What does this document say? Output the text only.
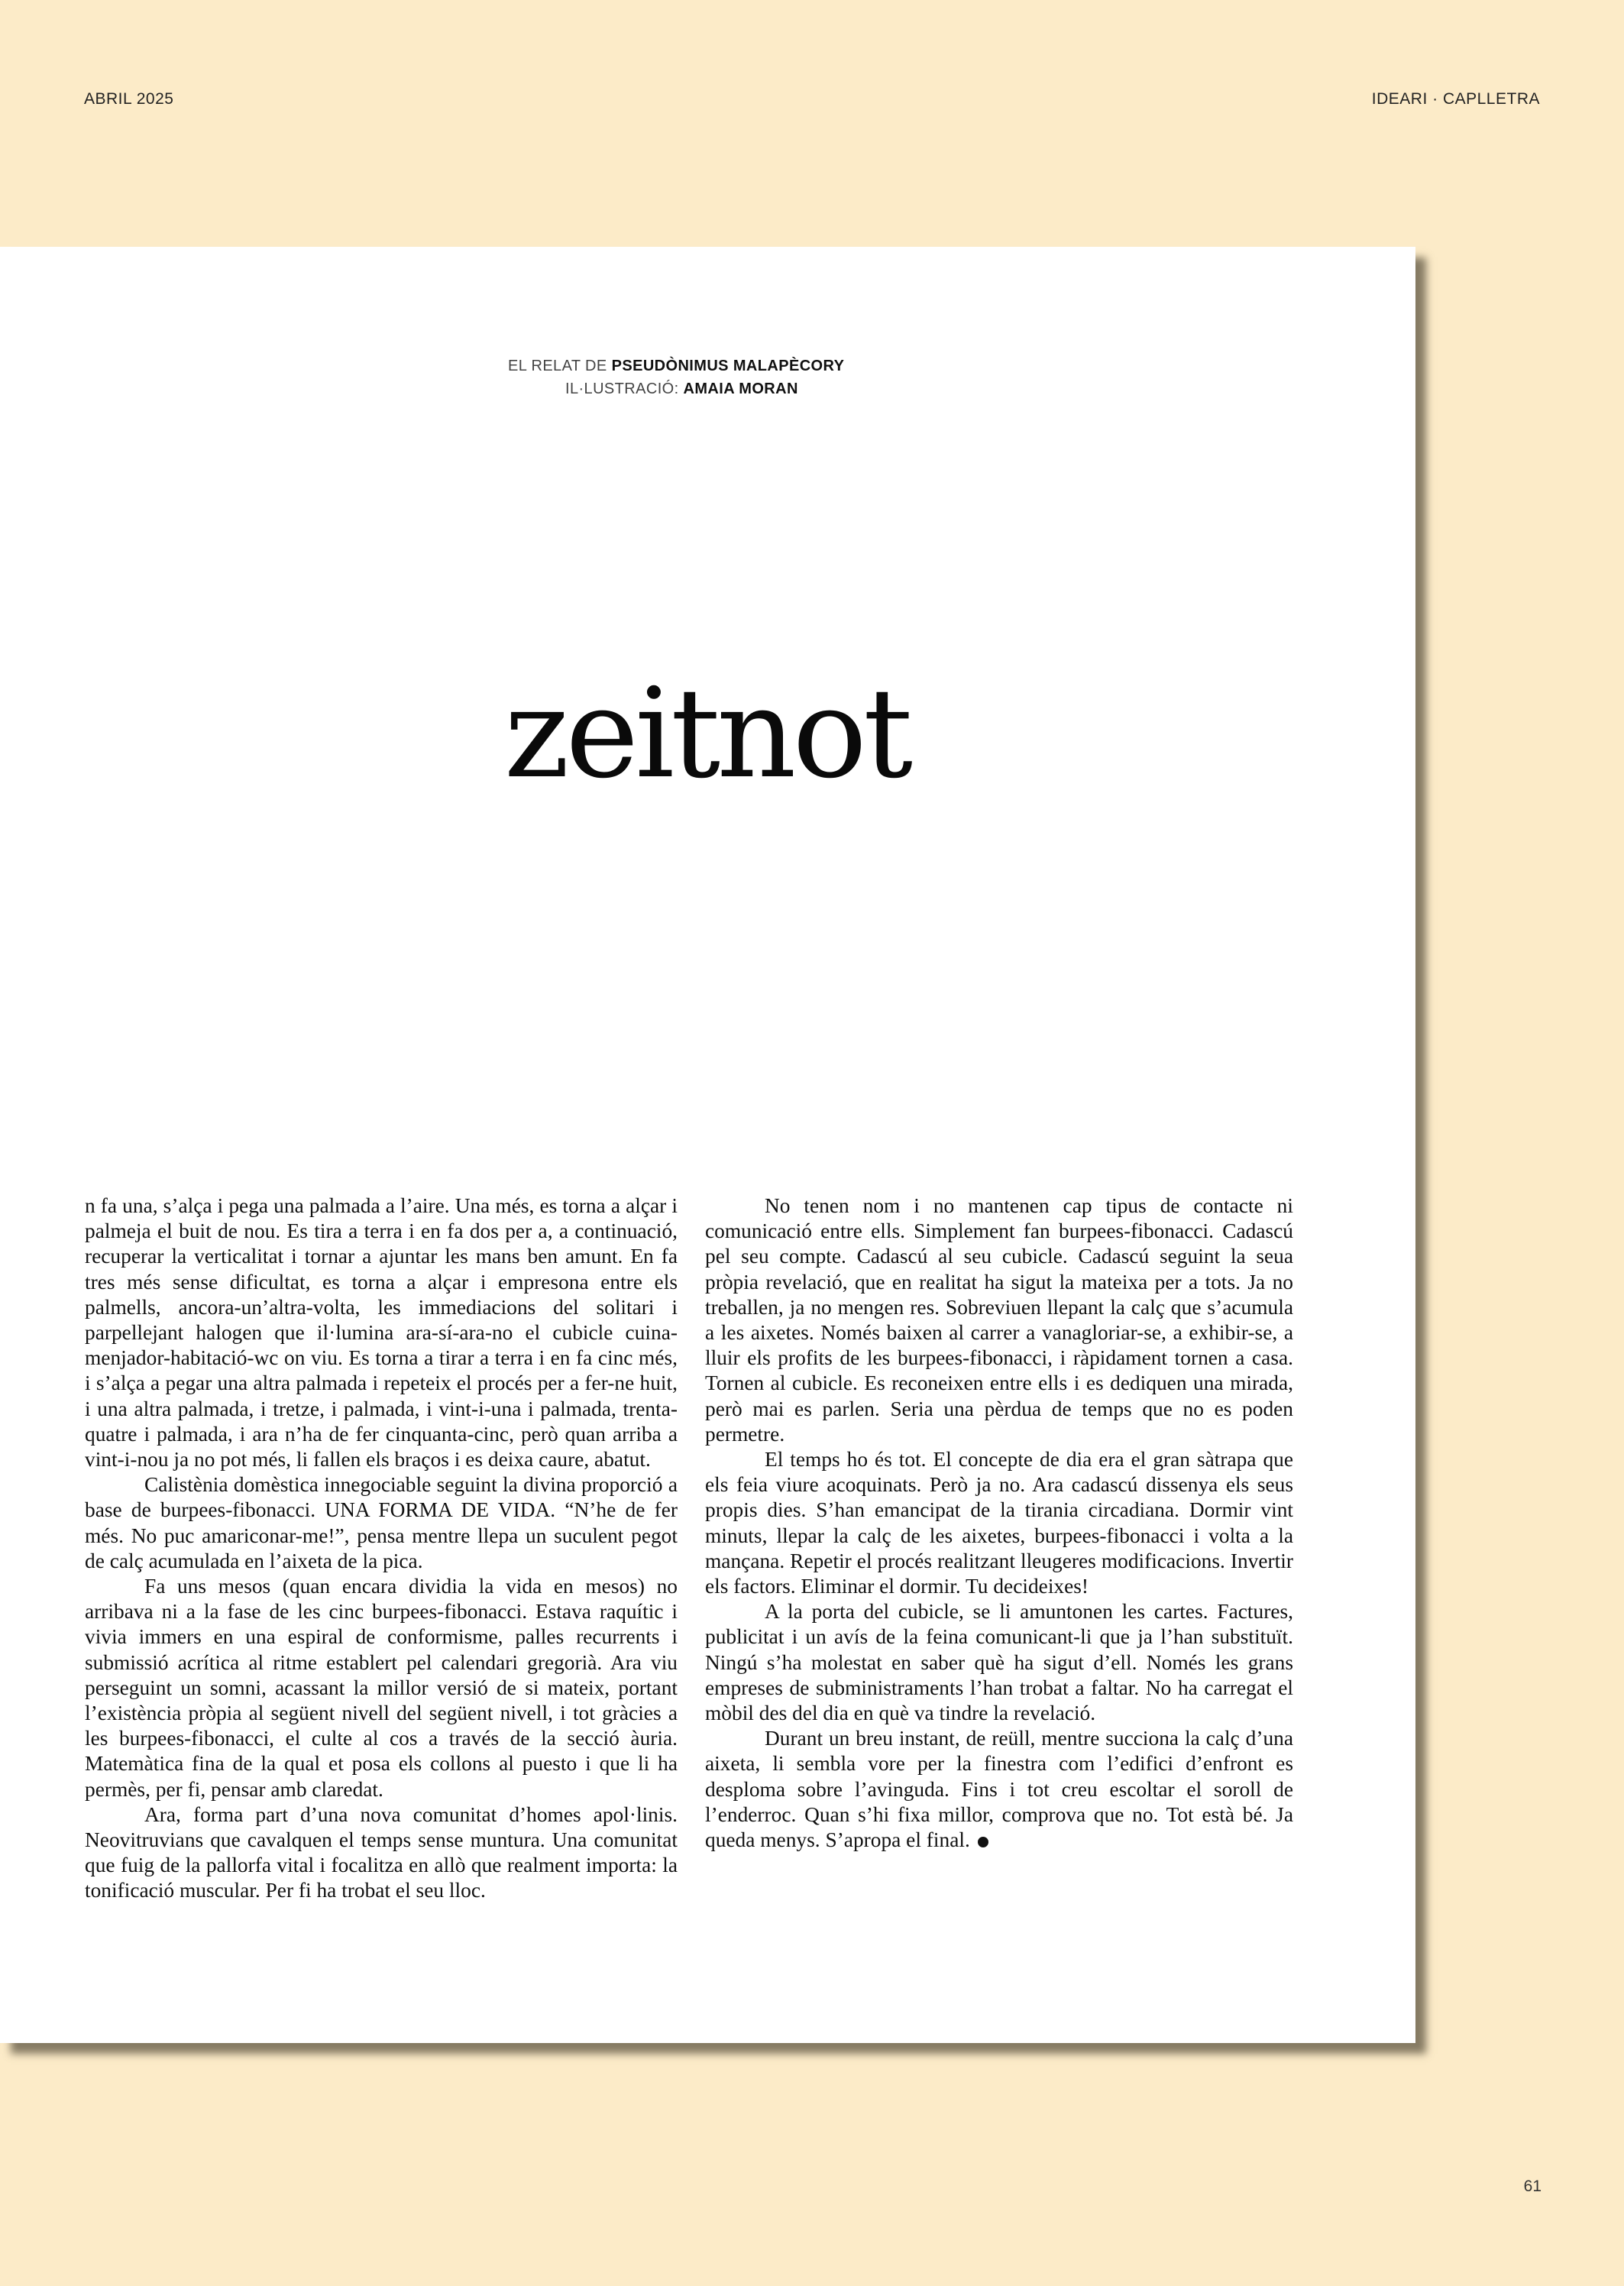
ABRIL 2025	IDEARI · CAPLLETRA
EL RELAT DE PSEUDÒNIMUS MALAPÈCORY
IL·LUSTRACIÓ: AMAIA MORAN
zeitnot

n fa una, s’alça i pega una palmada a l’aire. Una més, es torna a alçar i palmeja el buit de nou. Es tira a terra i en fa dos per a, a continuació, recuperar la verticalitat i tornar a ajuntar les mans ben amunt. En fa tres més sense dificultat, es torna a alçar i empresona entre els palmells, ancora-un’altra-volta, les immediacions del solitari i parpellejant halogen que il·lumina ara-sí-ara-no el cubicle cuina-menjador-habitació-wc on viu. Es torna a tirar a terra i en fa cinc més, i s’alça a pegar una altra palmada i repeteix el procés per a fer-ne huit, i una altra palmada, i tretze, i palmada, i vint-i-una i palmada, trenta-quatre i palmada, i ara n’ha de fer cinquanta-cinc, però quan arriba a vint-i-nou ja no pot més, li fallen els braços i es deixa caure, abatut.

Calistènia domèstica innegociable seguint la divina proporció a base de burpees-fibonacci. UNA FORMA DE VIDA. “N’he de fer més. No puc amariconar-me!”, pensa mentre llepa un suculent pegot de calç acumulada en l’aixeta de la pica.

Fa uns mesos (quan encara dividia la vida en mesos) no arribava ni a la fase de les cinc burpees-fibonacci. Estava raquític i vivia immers en una espiral de conformisme, palles recurrents i submissió acrítica al ritme establert pel calendari gregorià. Ara viu perseguint un somni, acassant la millor versió de si mateix, portant l’existència pròpia al següent nivell del següent nivell, i tot gràcies a les burpees-fibonacci, el culte al cos a través de la secció àuria. Matemàtica fina de la qual et posa els collons al puesto i que li ha permès, per fi, pensar amb claredat.

Ara, forma part d’una nova comunitat d’homes apol·linis. Neovitruvians que cavalquen el temps sense muntura. Una comunitat que fuig de la pallorfa vital i focalitza en allò que realment importa: la tonificació muscular. Per fi ha trobat el seu lloc.

No tenen nom i no mantenen cap tipus de contacte ni comunicació entre ells. Simplement fan burpees-fibonacci. Cadascú pel seu compte. Cadascú al seu cubicle. Cadascú seguint la seua pròpia revelació, que en realitat ha sigut la mateixa per a tots. Ja no treballen, ja no mengen res. Sobreviuen llepant la calç que s’acumula a les aixetes. Només baixen al carrer a vanagloriar-se, a exhibir-se, a lluir els profits de les burpees-fibonacci, i ràpidament tornen a casa. Tornen al cubicle. Es reconeixen entre ells i es dediquen una mirada, però mai es parlen. Seria una pèrdua de temps que no es poden permetre.

El temps ho és tot. El concepte de dia era el gran sàtrapa que els feia viure acoquinats. Però ja no. Ara cadascú dissenya els seus propis dies. S’han emancipat de la tirania circadiana. Dormir vint minuts, llepar la calç de les aixetes, burpees-fibonacci i volta a la mançana. Repetir el procés realitzant lleugeres modificacions. Invertir els factors. Eliminar el dormir. Tu decideixes!

A la porta del cubicle, se li amuntonen les cartes. Factures, publicitat i un avís de la feina comunicant-li que ja l’han substituït. Ningú s’ha molestat en saber què ha sigut d’ell. Només les grans empreses de subministraments l’han trobat a faltar. No ha carregat el mòbil des del dia en què va tindre la revelació.

Durant un breu instant, de reüll, mentre succiona la calç d’una aixeta, li sembla vore per la finestra com l’edifici d’enfront es desploma sobre l’avinguda. Fins i tot creu escoltar el soroll de l’enderroc. Quan s’hi fixa millor, comprova que no. Tot està bé. Ja queda menys. S’apropa el final.

61
